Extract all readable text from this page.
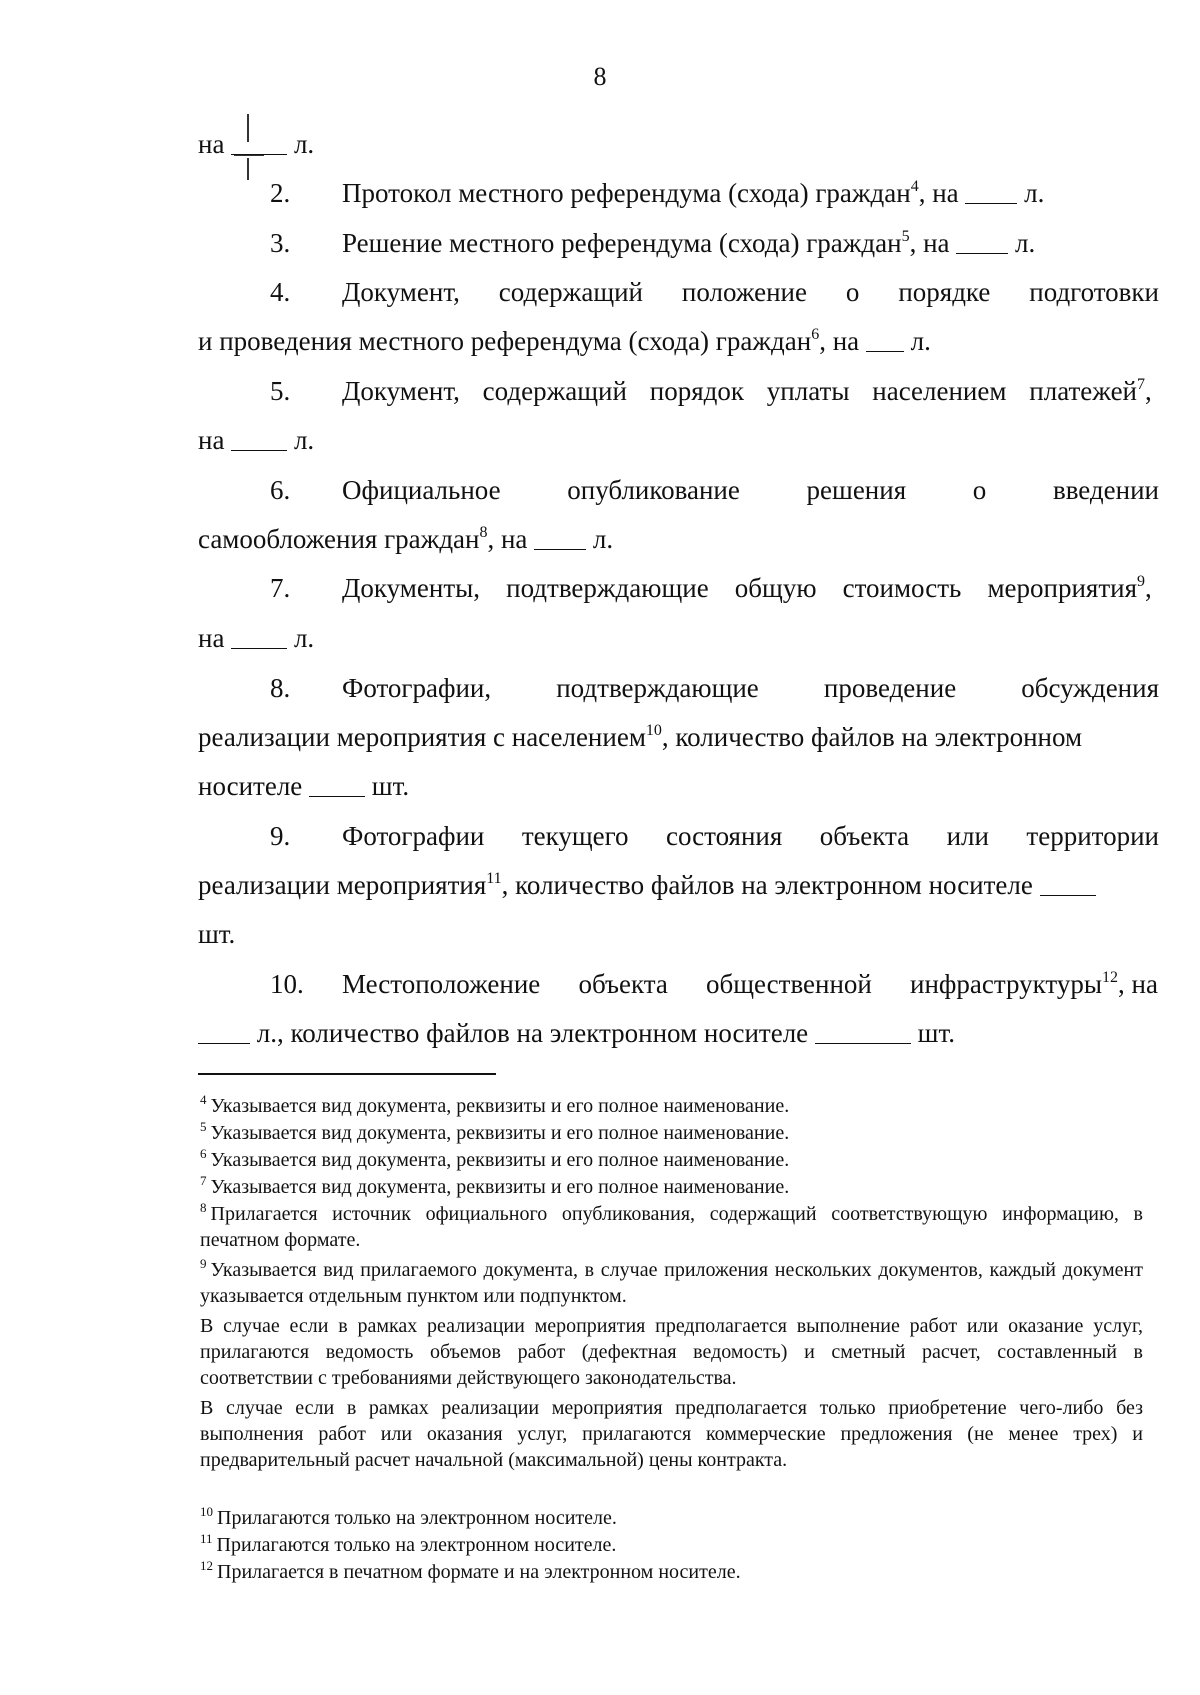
8
на	л.
2. Протокол местного референдума (схода) граждан$^4$, на л.
3. Решение местного референдума (схода) граждан$^5$, на л.
4. Документ, содержащий положение о порядке подготовки
и проведения местного референдума (схода) граждан$^6$, на л.
5. Документ, содержащий порядок уплаты населением платежей$^7$,
на	л.
6. Официальное опубликование решения о введении
самообложения граждан$^8$, на л.
7. Документы, подтверждающие общую стоимость мероприятия$^9$,
на	л.
8. Фотографии, подтверждающие проведение обсуждения
реализации мероприятия с населением$^{10}$, количество файлов на электронном
носителе	шт.
9. Фотографии текущего состояния объекта или территории
реализации мероприятия$^{11}$, количество файлов на электронном носителе
шт.
10. Местоположение объекта общественной инфраструктуры$^{12}$, на
л., количество файлов на электронном носителе	шт.
$^4$ Указывается вид документа, реквизиты и его полное наименование.
$^5$ Указывается вид документа, реквизиты и его полное наименование.
$^6$ Указывается вид документа, реквизиты и его полное наименование.
$^7$ Указывается вид документа, реквизиты и его полное наименование.
$^8$ Прилагается источник официального опубликования, содержащий соответствующую информацию, в печатном формате.
$^9$ Указывается вид прилагаемого документа, в случае приложения нескольких документов, каждый документ указывается отдельным пунктом или подпунктом.
В случае если в рамках реализации мероприятия предполагается выполнение работ или оказание услуг, прилагаются ведомость объемов работ (дефектная ведомость) и сметный расчет, составленный в соответствии с требованиями действующего законодательства.
В случае если в рамках реализации мероприятия предполагается только приобретение чего-либо без выполнения работ или оказания услуг, прилагаются коммерческие предложения (не менее трех) и предварительный расчет начальной (максимальной) цены контракта.
$^{10}$ Прилагаются только на электронном носителе.
$^{11}$ Прилагаются только на электронном носителе.
$^{12}$ Прилагается в печатном формате и на электронном носителе.
